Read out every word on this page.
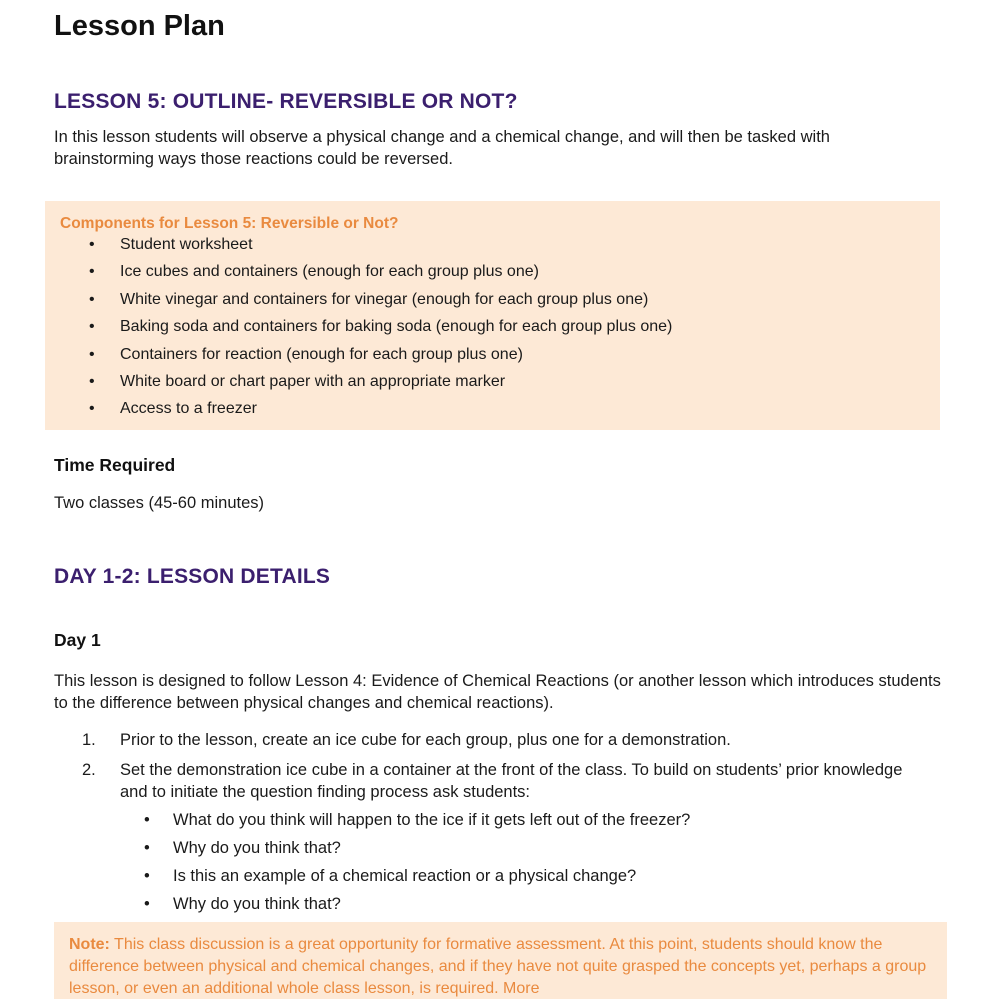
Lesson Plan
LESSON 5: OUTLINE- REVERSIBLE OR NOT?
In this lesson students will observe a physical change and a chemical change, and will then be tasked with brainstorming ways those reactions could be reversed.
Components for Lesson 5: Reversible or Not?
• Student worksheet
• Ice cubes and containers (enough for each group plus one)
• White vinegar and containers for vinegar (enough for each group plus one)
• Baking soda and containers for baking soda (enough for each group plus one)
• Containers for reaction (enough for each group plus one)
• White board or chart paper with an appropriate marker
• Access to a freezer
Time Required
Two classes (45-60 minutes)
DAY 1-2: LESSON DETAILS
Day 1
This lesson is designed to follow Lesson 4: Evidence of Chemical Reactions (or another lesson which introduces students to the difference between physical changes and chemical reactions).
1. Prior to the lesson, create an ice cube for each group, plus one for a demonstration.
2. Set the demonstration ice cube in a container at the front of the class. To build on students’ prior knowledge and to initiate the question finding process ask students:
• What do you think will happen to the ice if it gets left out of the freezer?
• Why do you think that?
• Is this an example of a chemical reaction or a physical change?
• Why do you think that?
Note: This class discussion is a great opportunity for formative assessment. At this point, students should know the difference between physical and chemical changes, and if they have not quite grasped the concepts yet, perhaps a group lesson, or even an additional whole class lesson, is required. More
